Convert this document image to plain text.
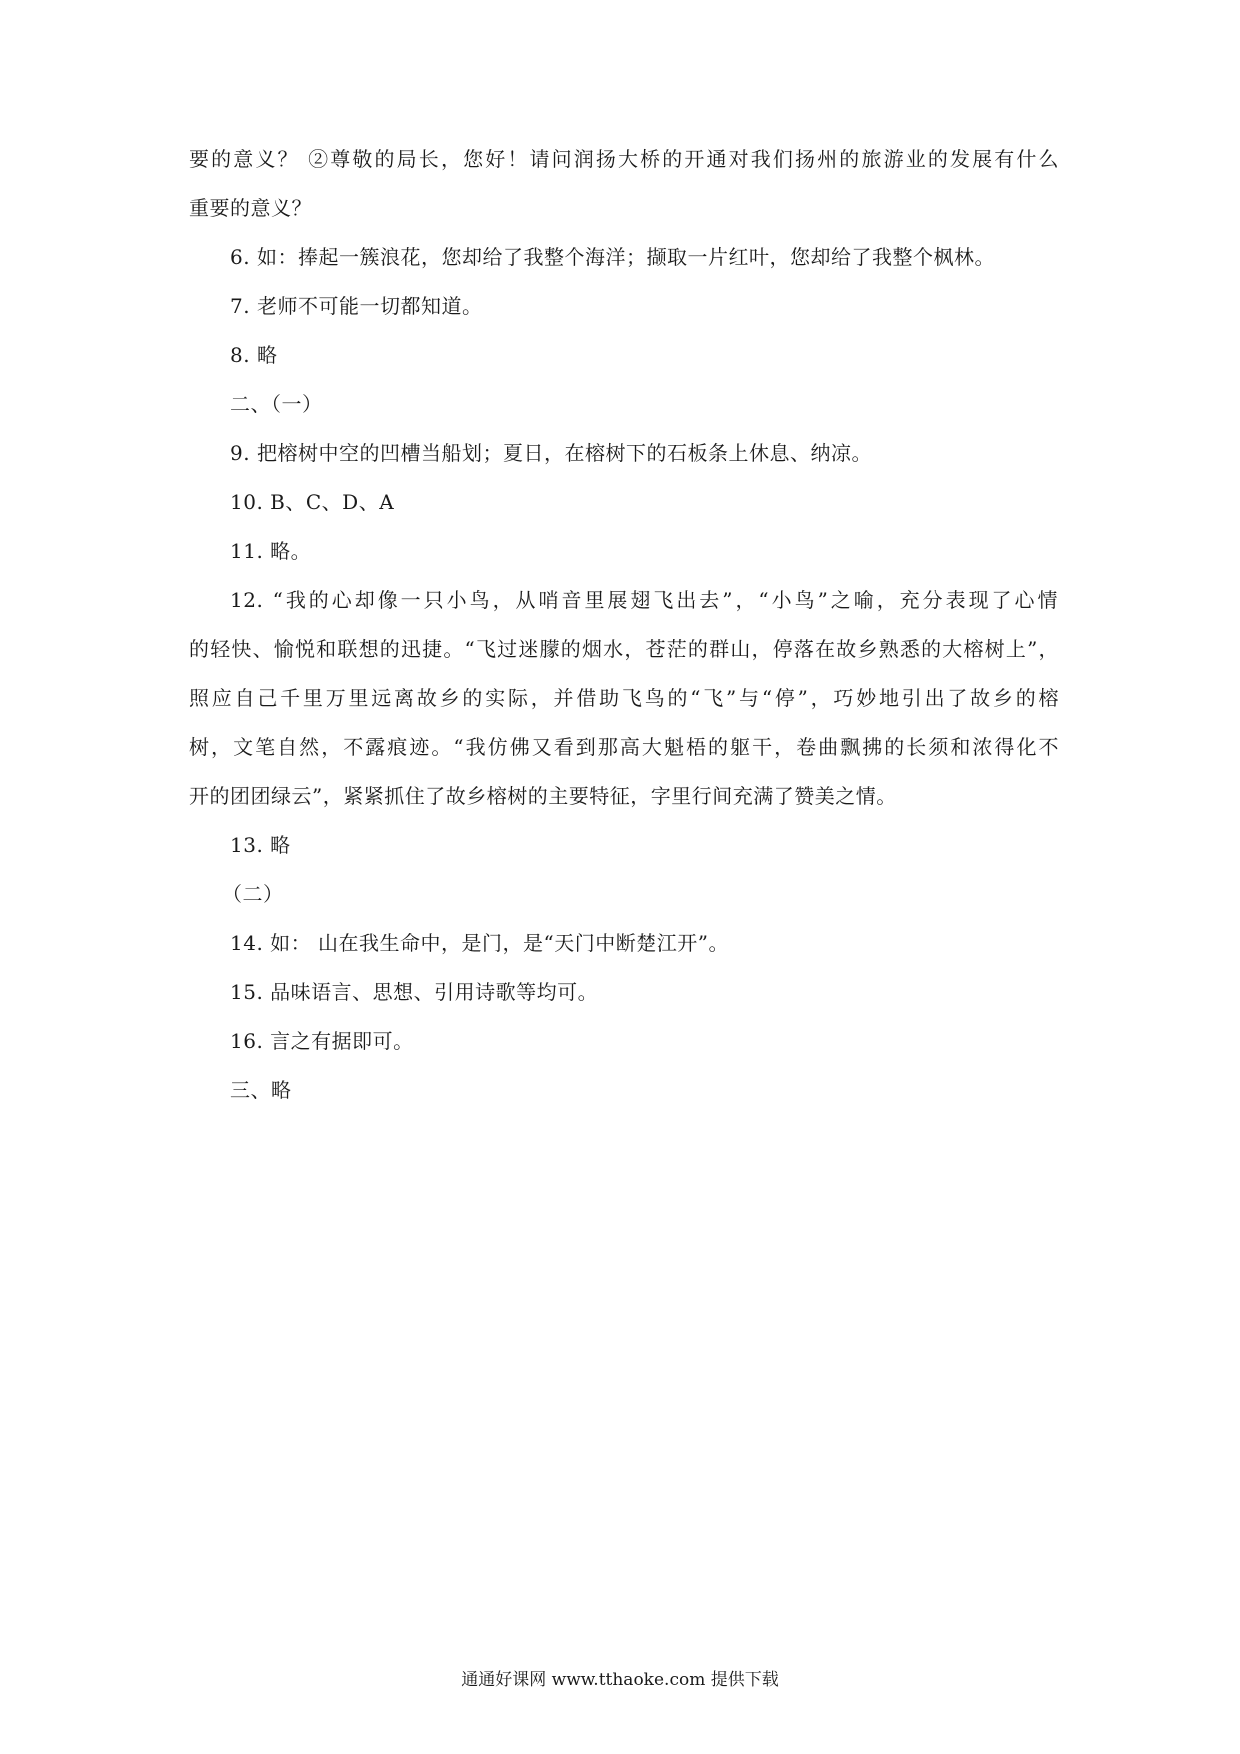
要的意义？ ②尊敬的局长，您好！请问润扬大桥的开通对我们扬州的旅游业的发展有什么
重要的意义？
6. 如：捧起一簇浪花，您却给了我整个海洋；撷取一片红叶，您却给了我整个枫林。
7. 老师不可能一切都知道。
8. 略
二、（一）
9. 把榕树中空的凹槽当船划；夏日，在榕树下的石板条上休息、纳凉。
10. B、C、D、A
11. 略。
12. “我的心却像一只小鸟，从哨音里展翅飞出去”，“小鸟”之喻，充分表现了心情
的轻快、愉悦和联想的迅捷。“飞过迷朦的烟水，苍茫的群山，停落在故乡熟悉的大榕树上”，
照应自己千里万里远离故乡的实际，并借助飞鸟的“飞”与“停”，巧妙地引出了故乡的榕
树，文笔自然，不露痕迹。“我仿佛又看到那高大魁梧的躯干，卷曲飘拂的长须和浓得化不
开的团团绿云”，紧紧抓住了故乡榕树的主要特征，字里行间充满了赞美之情。
13. 略
（二）
14. 如： 山在我生命中，是门，是“天门中断楚江开”。
15. 品味语言、思想、引用诗歌等均可。
16. 言之有据即可。
三、略
通通好课网 www.tthaoke.com 提供下载
